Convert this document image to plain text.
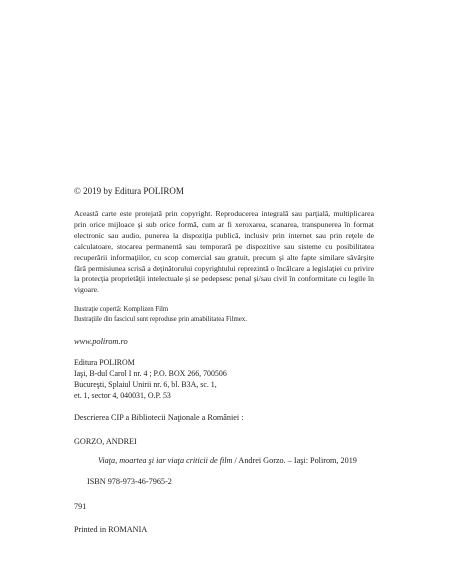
© 2019 by Editura POLIROM

Această carte este protejată prin copyright. Reproducerea integrală sau parţială, multiplicarea prin orice mijloace şi sub orice formă, cum ar fi xeroxarea, scanarea, transpunerea în format electronic sau audio, punerea la dispoziţia publică, inclusiv prin internet sau prin reţele de calculatoare, stocarea permanentă sau temporară pe dispozitive sau sisteme cu posibilitatea recuperării informaţiilor, cu scop comercial sau gratuit, precum şi alte fapte similare săvârşite fără permisiunea scrisă a deţinătorului copyrightului reprezintă o încălcare a legislaţiei cu privire la protecţia proprietăţii intelectuale şi se pedepsesc penal şi/sau civil în conformitate cu legile în vigoare.

Ilustraţie copertă: Komplizen Film

Ilustraţiile din fascicul sunt reproduse prin amabilitatea Filmex.

www.polirom.ro

Editura POLIROM

Iaşi, B-dul Carol I nr. 4 ; P.O. BOX 266, 700506

Bucureşti, Splaiul Unirii nr. 6, bl. B3A, sc. 1,

et. 1, sector 4, 040031, O.P. 53

Descrierea CIP a Bibliotecii Naţionale a României :

GORZO, ANDREI

Viaţa, moartea şi iar viaţa criticii de film / Andrei Gorzo. – Iaşi: Polirom, 2019

ISBN 978-973-46-7965-2

791

Printed in ROMANIA
